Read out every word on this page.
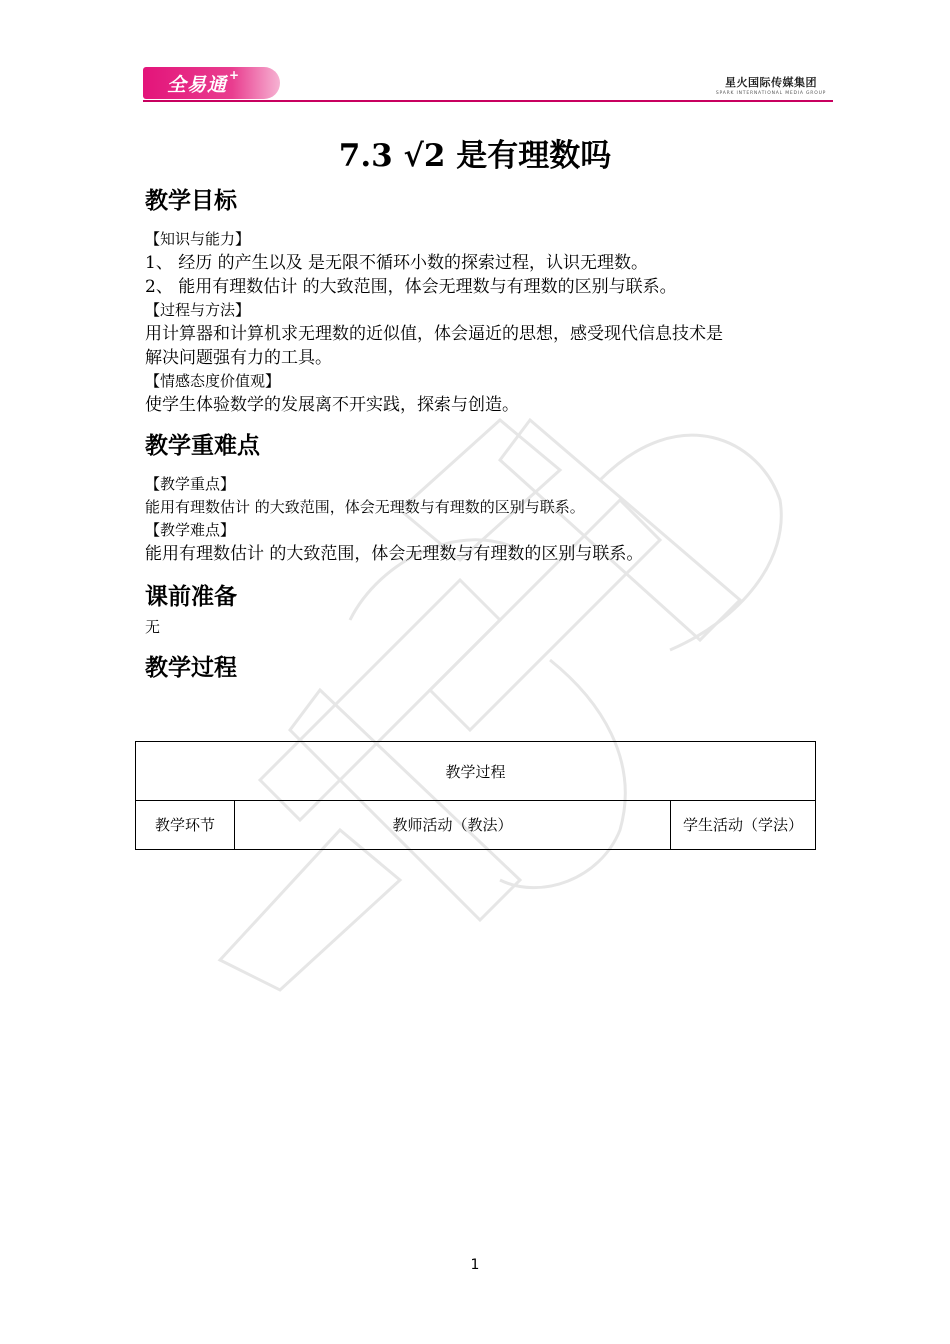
全易通 +
星火国际传媒集团
SPARK INTERNATIONAL MEDIA GROUP
7.3 √2 是有理数吗
教学目标

【知识与能力】

1、 经历 的产生以及 是无限不循环小数的探索过程，认识无理数。

2、 能用有理数估计 的大致范围，体会无理数与有理数的区别与联系。

【过程与方法】

用计算器和计算机求无理数的近似值，体会逼近的思想，感受现代信息技术是

解决问题强有力的工具。

【情感态度价值观】

使学生体验数学的发展离不开实践，探索与创造。

教学重难点

【教学重点】

能用有理数估计 的大致范围，体会无理数与有理数的区别与联系。

【教学难点】

能用有理数估计 的大致范围，体会无理数与有理数的区别与联系。

课前准备

无

教学过程
教学过程
教学环节	教师活动（教法）	学生活动（学法）
1
